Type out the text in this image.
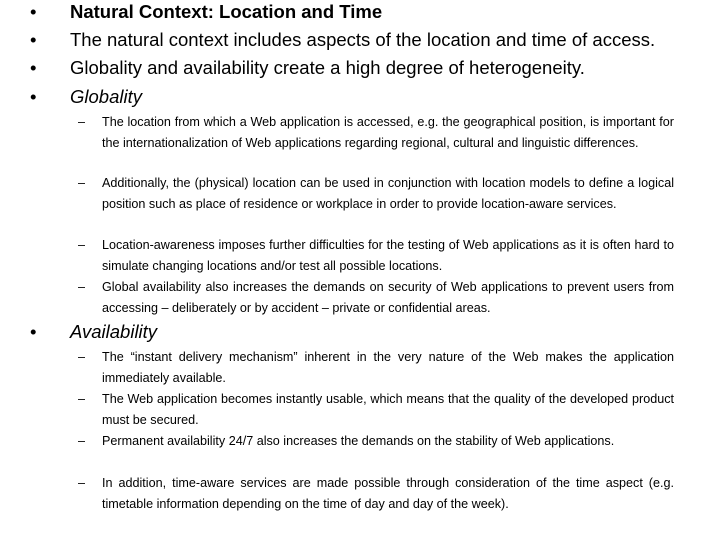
• Natural Context: Location and Time
• The natural context includes aspects of the location and time of access.
• Globality and availability create a high degree of heterogeneity.
• Globality
– The location from which a Web application is accessed, e.g. the geographical position, is important for the internationalization of Web applications regarding regional, cultural and linguistic differences.
– Additionally, the (physical) location can be used in conjunction with location models to define a logical position such as place of residence or workplace in order to provide location-aware services.
– Location-awareness imposes further difficulties for the testing of Web applications as it is often hard to simulate changing locations and/or test all possible locations.
– Global availability also increases the demands on security of Web applications to prevent users from accessing – deliberately or by accident – private or confidential areas.
• Availability
– The “instant delivery mechanism” inherent in the very nature of the Web makes the application immediately available.
– The Web application becomes instantly usable, which means that the quality of the developed product must be secured.
– Permanent availability 24/7 also increases the demands on the stability of Web applications.
– In addition, time-aware services are made possible through consideration of the time aspect (e.g. timetable information depending on the time of day and day of the week).
